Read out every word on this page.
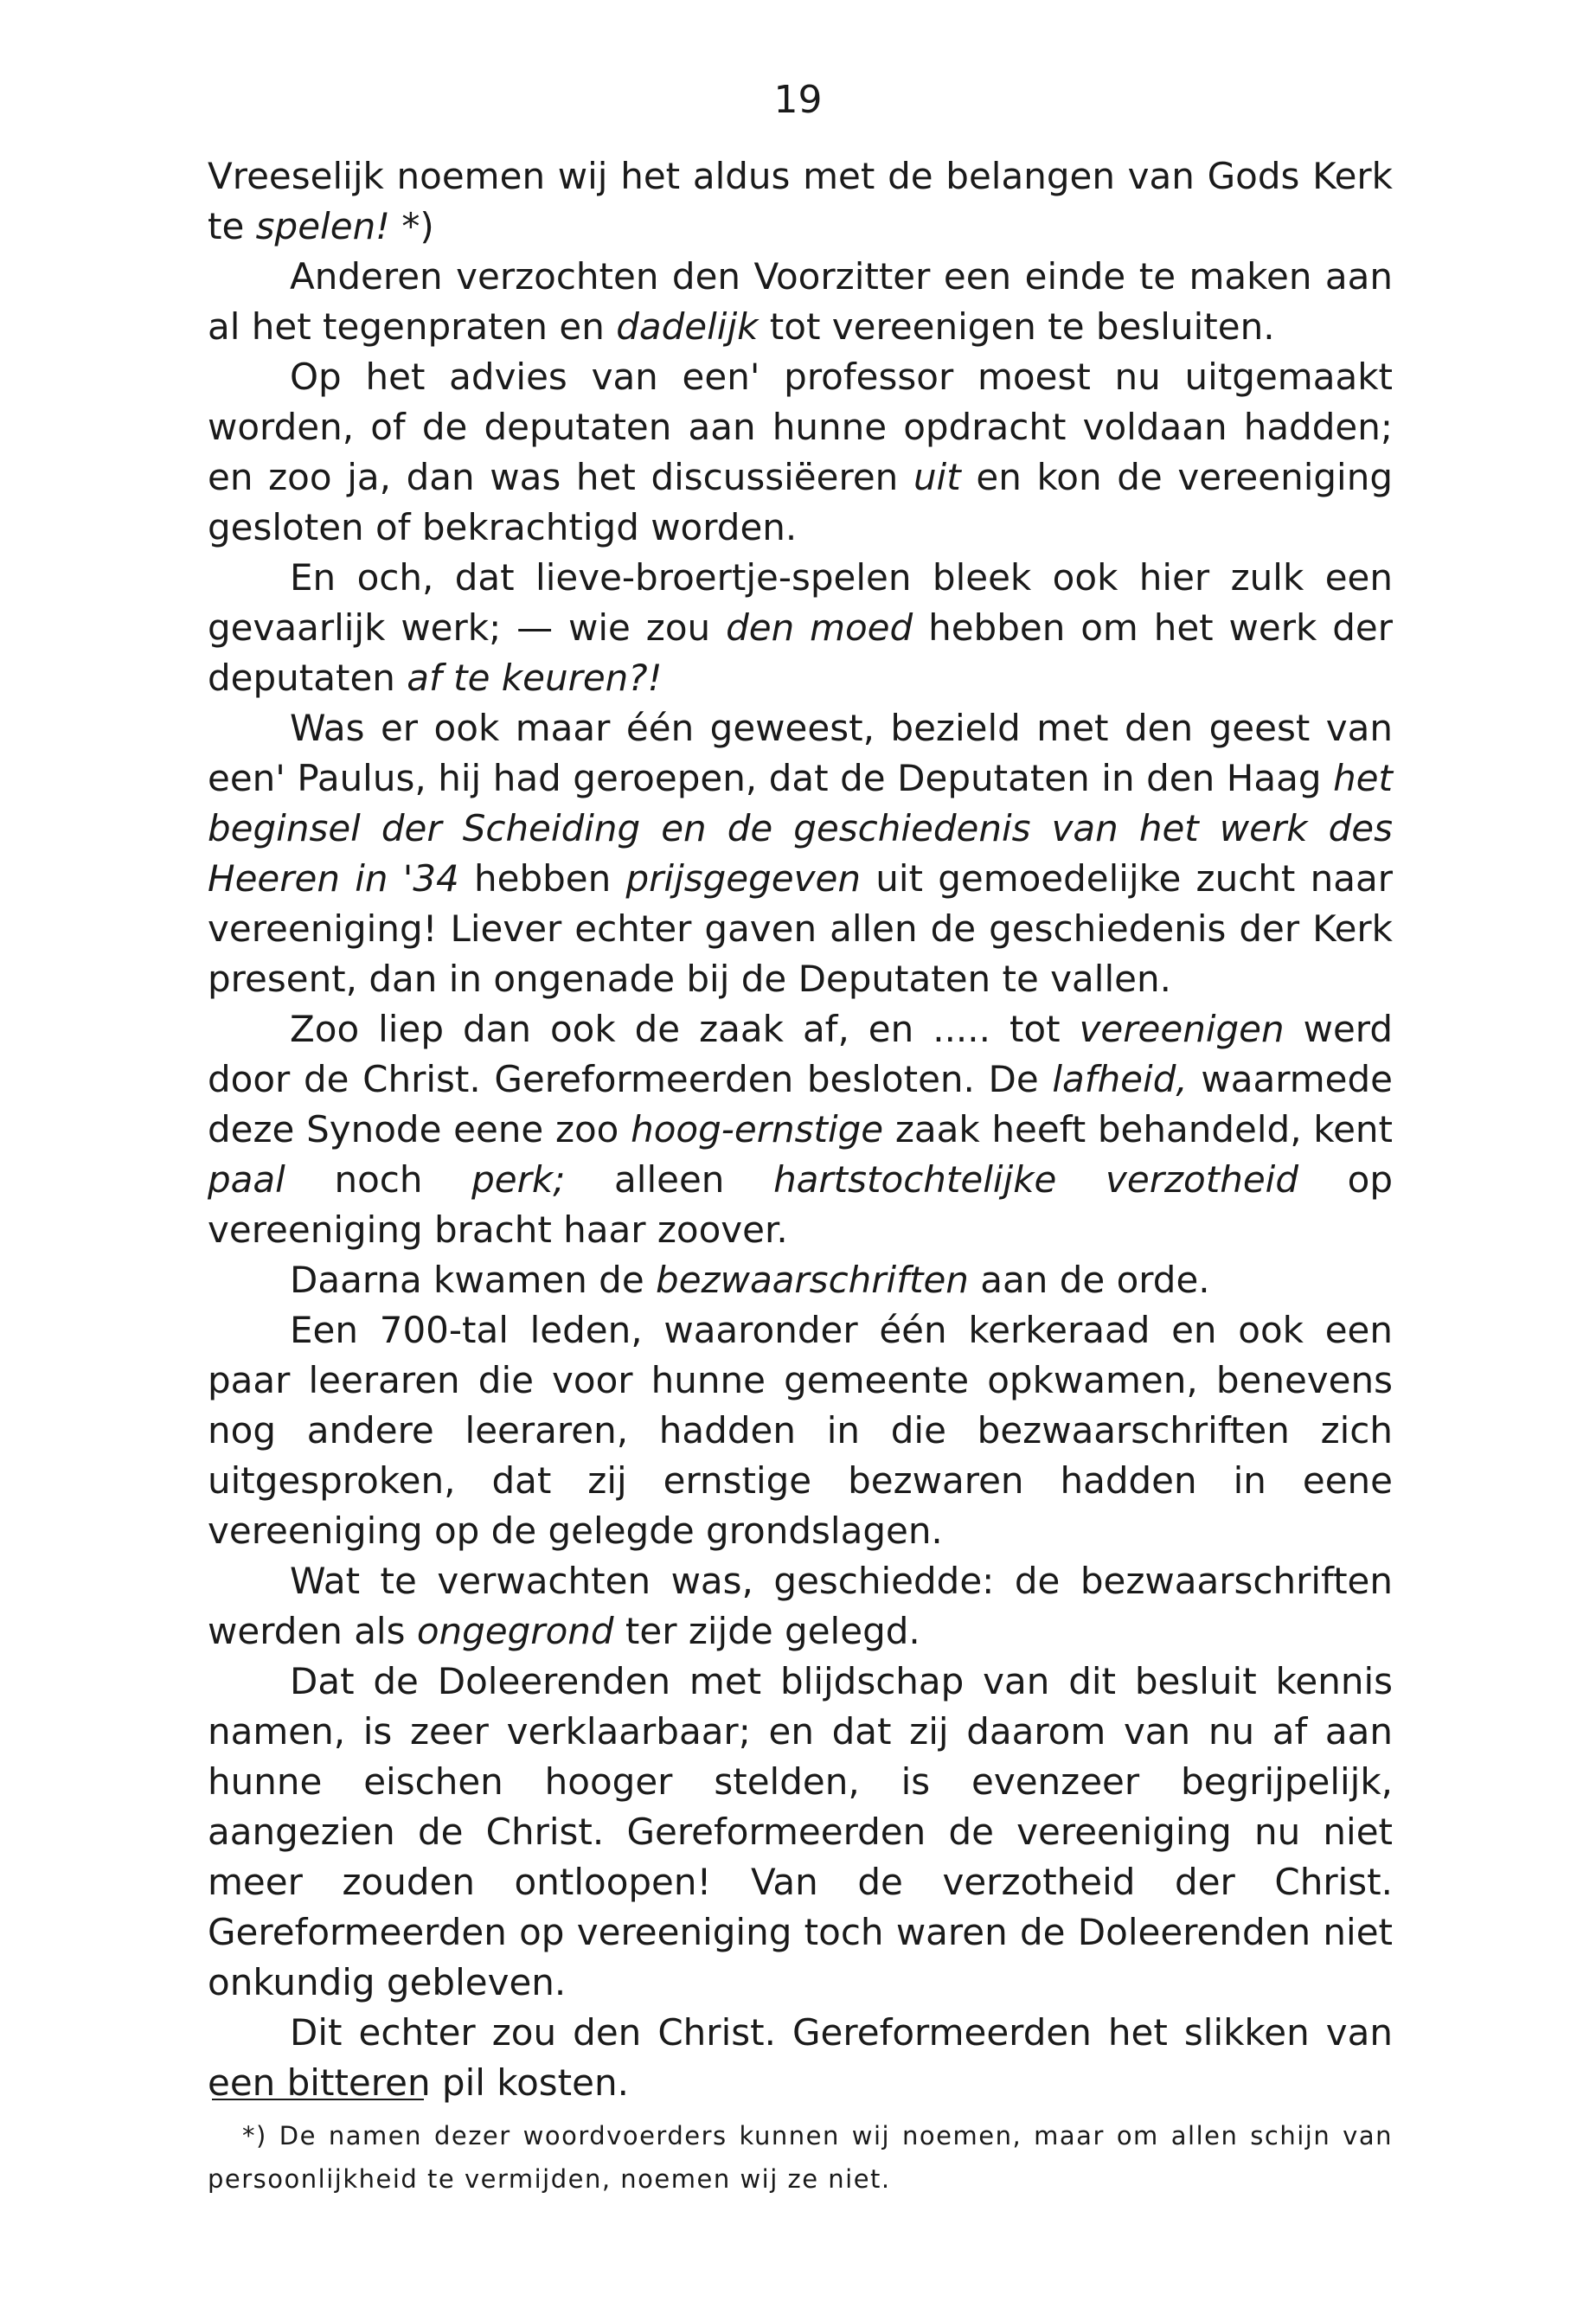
19

Vreeselijk noemen wij het aldus met de belangen van Gods Kerk te spelen! *)

Anderen verzochten den Voorzitter een einde te maken aan al het tegenpraten en dadelijk tot vereenigen te besluiten.

Op het advies van een' professor moest nu uitgemaakt worden, of de deputaten aan hunne opdracht voldaan hadden; en zoo ja, dan was het discussiëeren uit en kon de vereeniging gesloten of bekrachtigd worden.

En och, dat lieve-broertje-spelen bleek ook hier zulk een gevaarlijk werk; — wie zou den moed hebben om het werk der deputaten af te keuren?!

Was er ook maar één geweest, bezield met den geest van een' Paulus, hij had geroepen, dat de Deputaten in den Haag het beginsel der Scheiding en de geschiedenis van het werk des Heeren in '34 hebben prijsgegeven uit gemoedelijke zucht naar vereeniging! Liever echter gaven allen de geschiedenis der Kerk present, dan in ongenade bij de Deputaten te vallen.

Zoo liep dan ook de zaak af, en ..... tot vereenigen werd door de Christ. Gereformeerden besloten. De lafheid, waarmede deze Synode eene zoo hoog-ernstige zaak heeft behandeld, kent paal noch perk; alleen hartstochtelijke verzotheid op vereeniging bracht haar zoover.

Daarna kwamen de bezwaarschriften aan de orde.

Een 700-tal leden, waaronder één kerkeraad en ook een paar leeraren die voor hunne gemeente opkwamen, benevens nog andere leeraren, hadden in die bezwaarschriften zich uitgesproken, dat zij ernstige bezwaren hadden in eene vereeniging op de gelegde grondslagen.

Wat te verwachten was, geschiedde: de bezwaarschriften werden als ongegrond ter zijde gelegd.

Dat de Doleerenden met blijdschap van dit besluit kennis namen, is zeer verklaarbaar; en dat zij daarom van nu af aan hunne eischen hooger stelden, is evenzeer begrijpelijk, aangezien de Christ. Gereformeerden de vereeniging nu niet meer zouden ontloopen! Van de verzotheid der Christ. Gereformeerden op vereeniging toch waren de Doleerenden niet onkundig gebleven.

Dit echter zou den Christ. Gereformeerden het slikken van een bitteren pil kosten.

*) De namen dezer woordvoerders kunnen wij noemen, maar om allen schijn van persoonlijkheid te vermijden, noemen wij ze niet.
